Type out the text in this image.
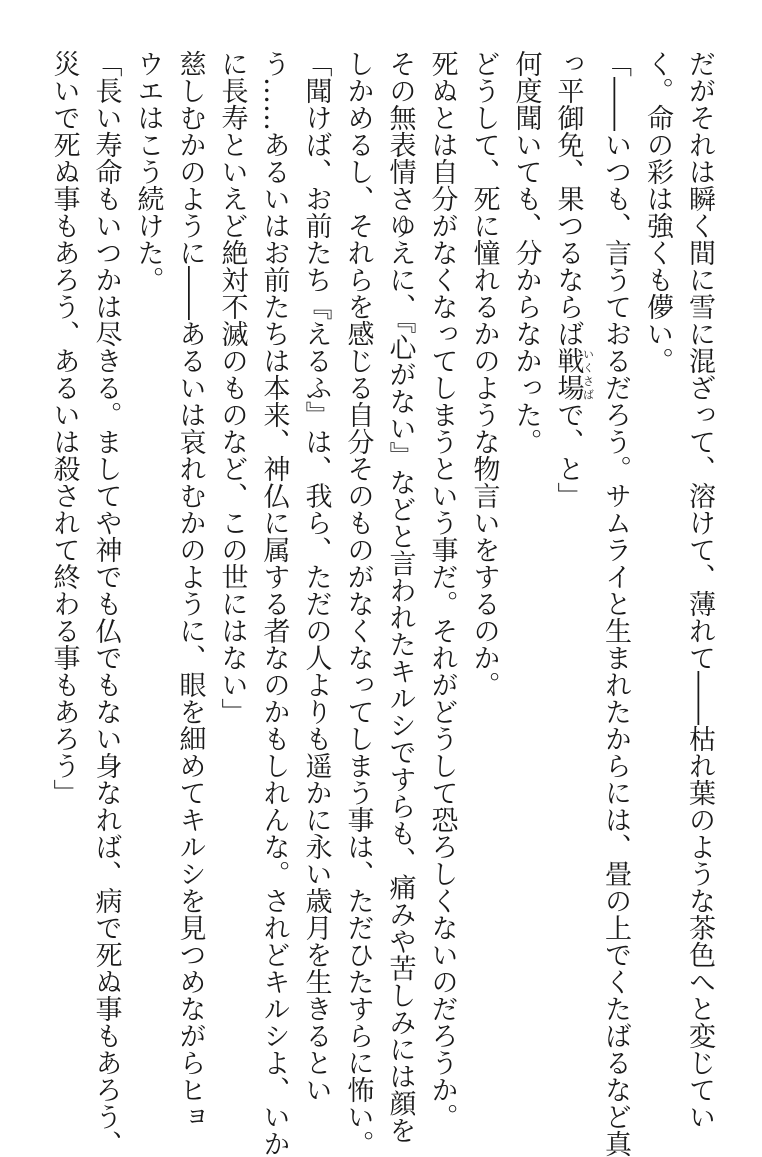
だがそれは瞬く間に雪に混ざって、溶けて、薄れて――枯れ葉のような茶色へと変じてい

く。命の彩は強くも儚い。

「――いつも、言うておるだろう。サムライと生まれたからには、畳の上でくたばるなど真

っ平御免、果つるならば戦場いくさばで、と」

何度聞いても、分からなかった。

どうして、死に憧れるかのような物言いをするのか。

死ぬとは自分がなくなってしまうという事だ。それがどうして恐ろしくないのだろうか。

その無表情さゆえに、『心がない』などと言われたキルシですらも、痛みや苦しみには顔を

しかめるし、それらを感じる自分そのものがなくなってしまう事は、ただひたすらに怖い。

「聞けば、お前たち『えるふ』は、我ら、ただの人よりも遥かに永い歳月を生きるとい

う……あるいはお前たちは本来、神仏に属する者なのかもしれんな。されどキルシよ、いか

に長寿といえど絶対不滅のものなど、この世にはない」

慈しむかのように――あるいは哀れむかのように、眼を細めてキルシを見つめながらヒョ

ウエはこう続けた。

「長い寿命もいつかは尽きる。ましてや神でも仏でもない身なれば、病で死ぬ事もあろう、

災いで死ぬ事もあろう、あるいは殺されて終わる事もあろう」
